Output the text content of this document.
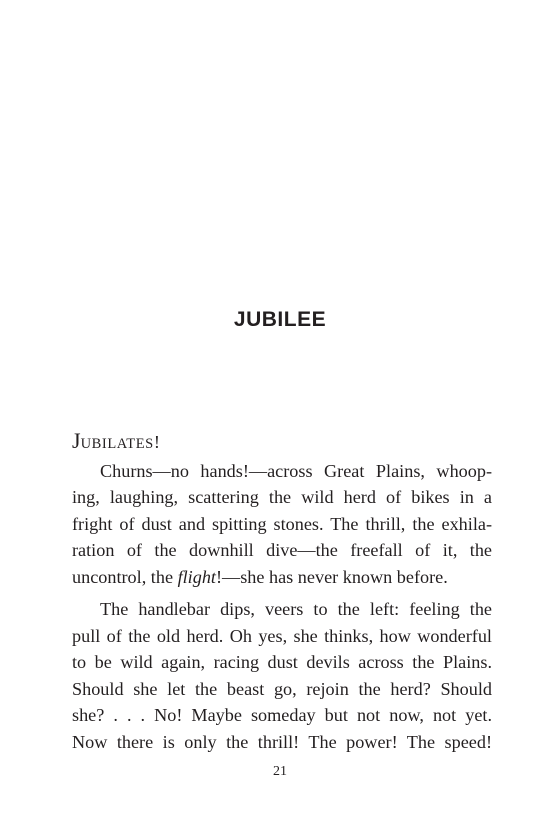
JUBILEE
JUBILATES!
Churns—no hands!—across Great Plains, whoop-
ing, laughing, scattering the wild herd of bikes in a
fright of dust and spitting stones. The thrill, the exhila-
ration of the downhill dive—the freefall of it, the
uncontrol, the flight!—she has never known before.
The handlebar dips, veers to the left: feeling the
pull of the old herd. Oh yes, she thinks, how wonderful
to be wild again, racing dust devils across the Plains.
Should she let the beast go, rejoin the herd? Should
she? . . . No! Maybe someday but not now, not yet.
Now there is only the thrill! The power! The speed!
21
